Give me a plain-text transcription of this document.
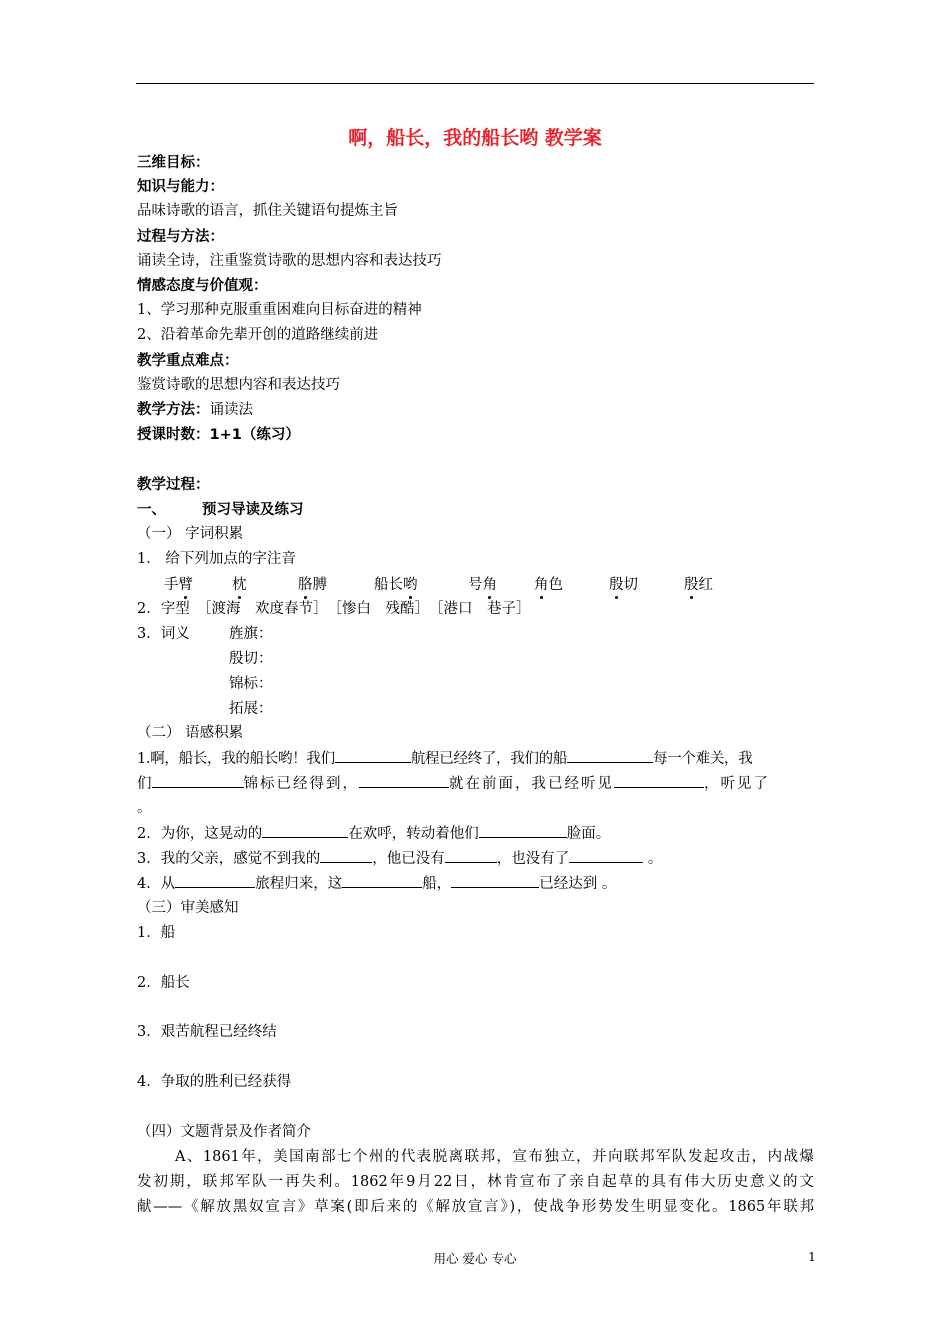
啊，船长，我的船长哟 教学案
三维目标：
知识与能力：
品味诗歌的语言，抓住关键语句提炼主旨
过程与方法：
诵读全诗，注重鉴赏诗歌的思想内容和表达技巧
情感态度与价值观：
1、学习那种克服重重困难向目标奋进的精神
2、沿着革命先辈开创的道路继续前进
教学重点难点：
鉴赏诗歌的思想内容和表达技巧
教学方法：诵读法
授课时数：1+1（练习）
教学过程：
一、 预习导读及练习
（一） 字词积累
1． 给下列加点的字注音
手臂	枕	胳膊	船长哟	号角	角色	殷切	殷红
2．字型　［渡海　欢度春节］　［惨白　残酷］　［港口　巷子］
3．词义	旌旗：
殷切：
锦标：
拓展：
（二） 语感积累
1.啊，船长，我的船长哟！我们	航程已经终了，我们的船	每一个难关，我
们	锦标已经得到，	就在前面，我已经听见	，听见了
。
2．为你，这晃动的	在欢呼，转动着他们	脸面。
3．我的父亲，感觉不到我的	，他已没有	，也没有了	。
4．从	旅程归来，这	船，	已经达到 。
（三）审美感知
1．船
2．船长
3．艰苦航程已经终结
4．争取的胜利已经获得
（四）文题背景及作者简介
A、1861年，美国南部七个州的代表脱离联邦，宣布独立，并向联邦军队发起攻击，内战爆
发初期，联邦军队一再失利。1862年9月22日，林肯宣布了亲自起草的具有伟大历史意义的文
献——《解放黑奴宣言》草案(即后来的《解放宣言》)，使战争形势发生明显变化。1865年联邦
用心 爱心 专心	1
